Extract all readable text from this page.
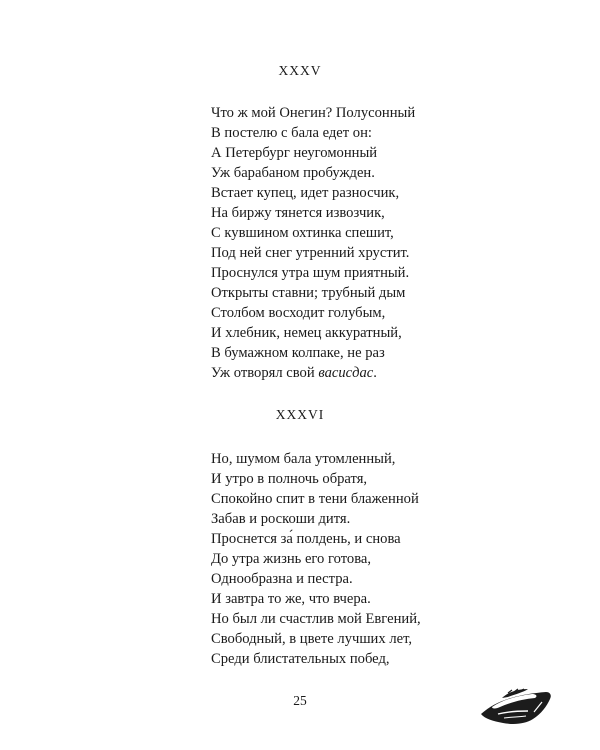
XXXV
Что ж мой Онегин? Полусонный
В постелю с бала едет он:
А Петербург неугомонный
Уж барабаном пробужден.
Встает купец, идет разносчик,
На биржу тянется извозчик,
С кувшином охтинка спешит,
Под ней снег утренний хрустит.
Проснулся утра шум приятный.
Открыты ставни; трубный дым
Столбом восходит голубым,
И хлебник, немец аккуратный,
В бумажном колпаке, не раз
Уж отворял свой васисдас.
XXXVI
Но, шумом бала утомленный,
И утро в полночь обратя,
Спокойно спит в тени блаженной
Забав и роскоши дитя.
Проснется за́ полдень, и снова
До утра жизнь его готова,
Однообразна и пестра.
И завтра то же, что вчера.
Но был ли счастлив мой Евгений,
Свободный, в цвете лучших лет,
Среди блистательных побед,
25
